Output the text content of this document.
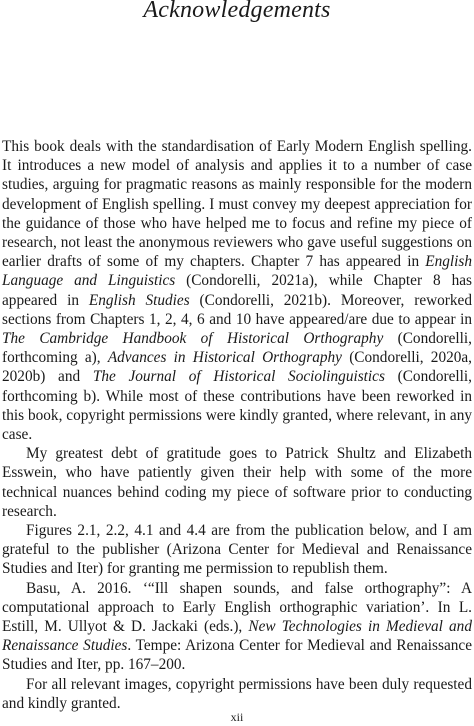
Acknowledgements

This book deals with the standardisation of Early Modern English spelling. It introduces a new model of analysis and applies it to a number of case studies, arguing for pragmatic reasons as mainly responsible for the modern development of English spelling. I must convey my deepest appreciation for the guidance of those who have helped me to focus and refine my piece of research, not least the anonymous reviewers who gave useful suggestions on earlier drafts of some of my chapters. Chapter 7 has appeared in English Language and Linguistics (Condorelli, 2021a), while Chapter 8 has appeared in English Studies (Condorelli, 2021b). Moreover, reworked sections from Chapters 1, 2, 4, 6 and 10 have appeared/are due to appear in The Cambridge Handbook of Historical Orthography (Condorelli, forthcoming a), Advances in Historical Orthography (Condorelli, 2020a, 2020b) and The Journal of Historical Sociolinguistics (Condorelli, forthcoming b). While most of these contributions have been reworked in this book, copyright permissions were kindly granted, where relevant, in any case.

My greatest debt of gratitude goes to Patrick Shultz and Elizabeth Esswein, who have patiently given their help with some of the more technical nuances behind coding my piece of software prior to conducting research.

Figures 2.1, 2.2, 4.1 and 4.4 are from the publication below, and I am grateful to the publisher (Arizona Center for Medieval and Renaissance Studies and Iter) for granting me permission to republish them.

Basu, A. 2016. ‘“Ill shapen sounds, and false orthography”: A computational approach to Early English orthographic variation’. In L. Estill, M. Ullyot & D. Jackaki (eds.), New Technologies in Medieval and Renaissance Studies. Tempe: Arizona Center for Medieval and Renaissance Studies and Iter, pp. 167–200.

For all relevant images, copyright permissions have been duly requested and kindly granted.

xii
